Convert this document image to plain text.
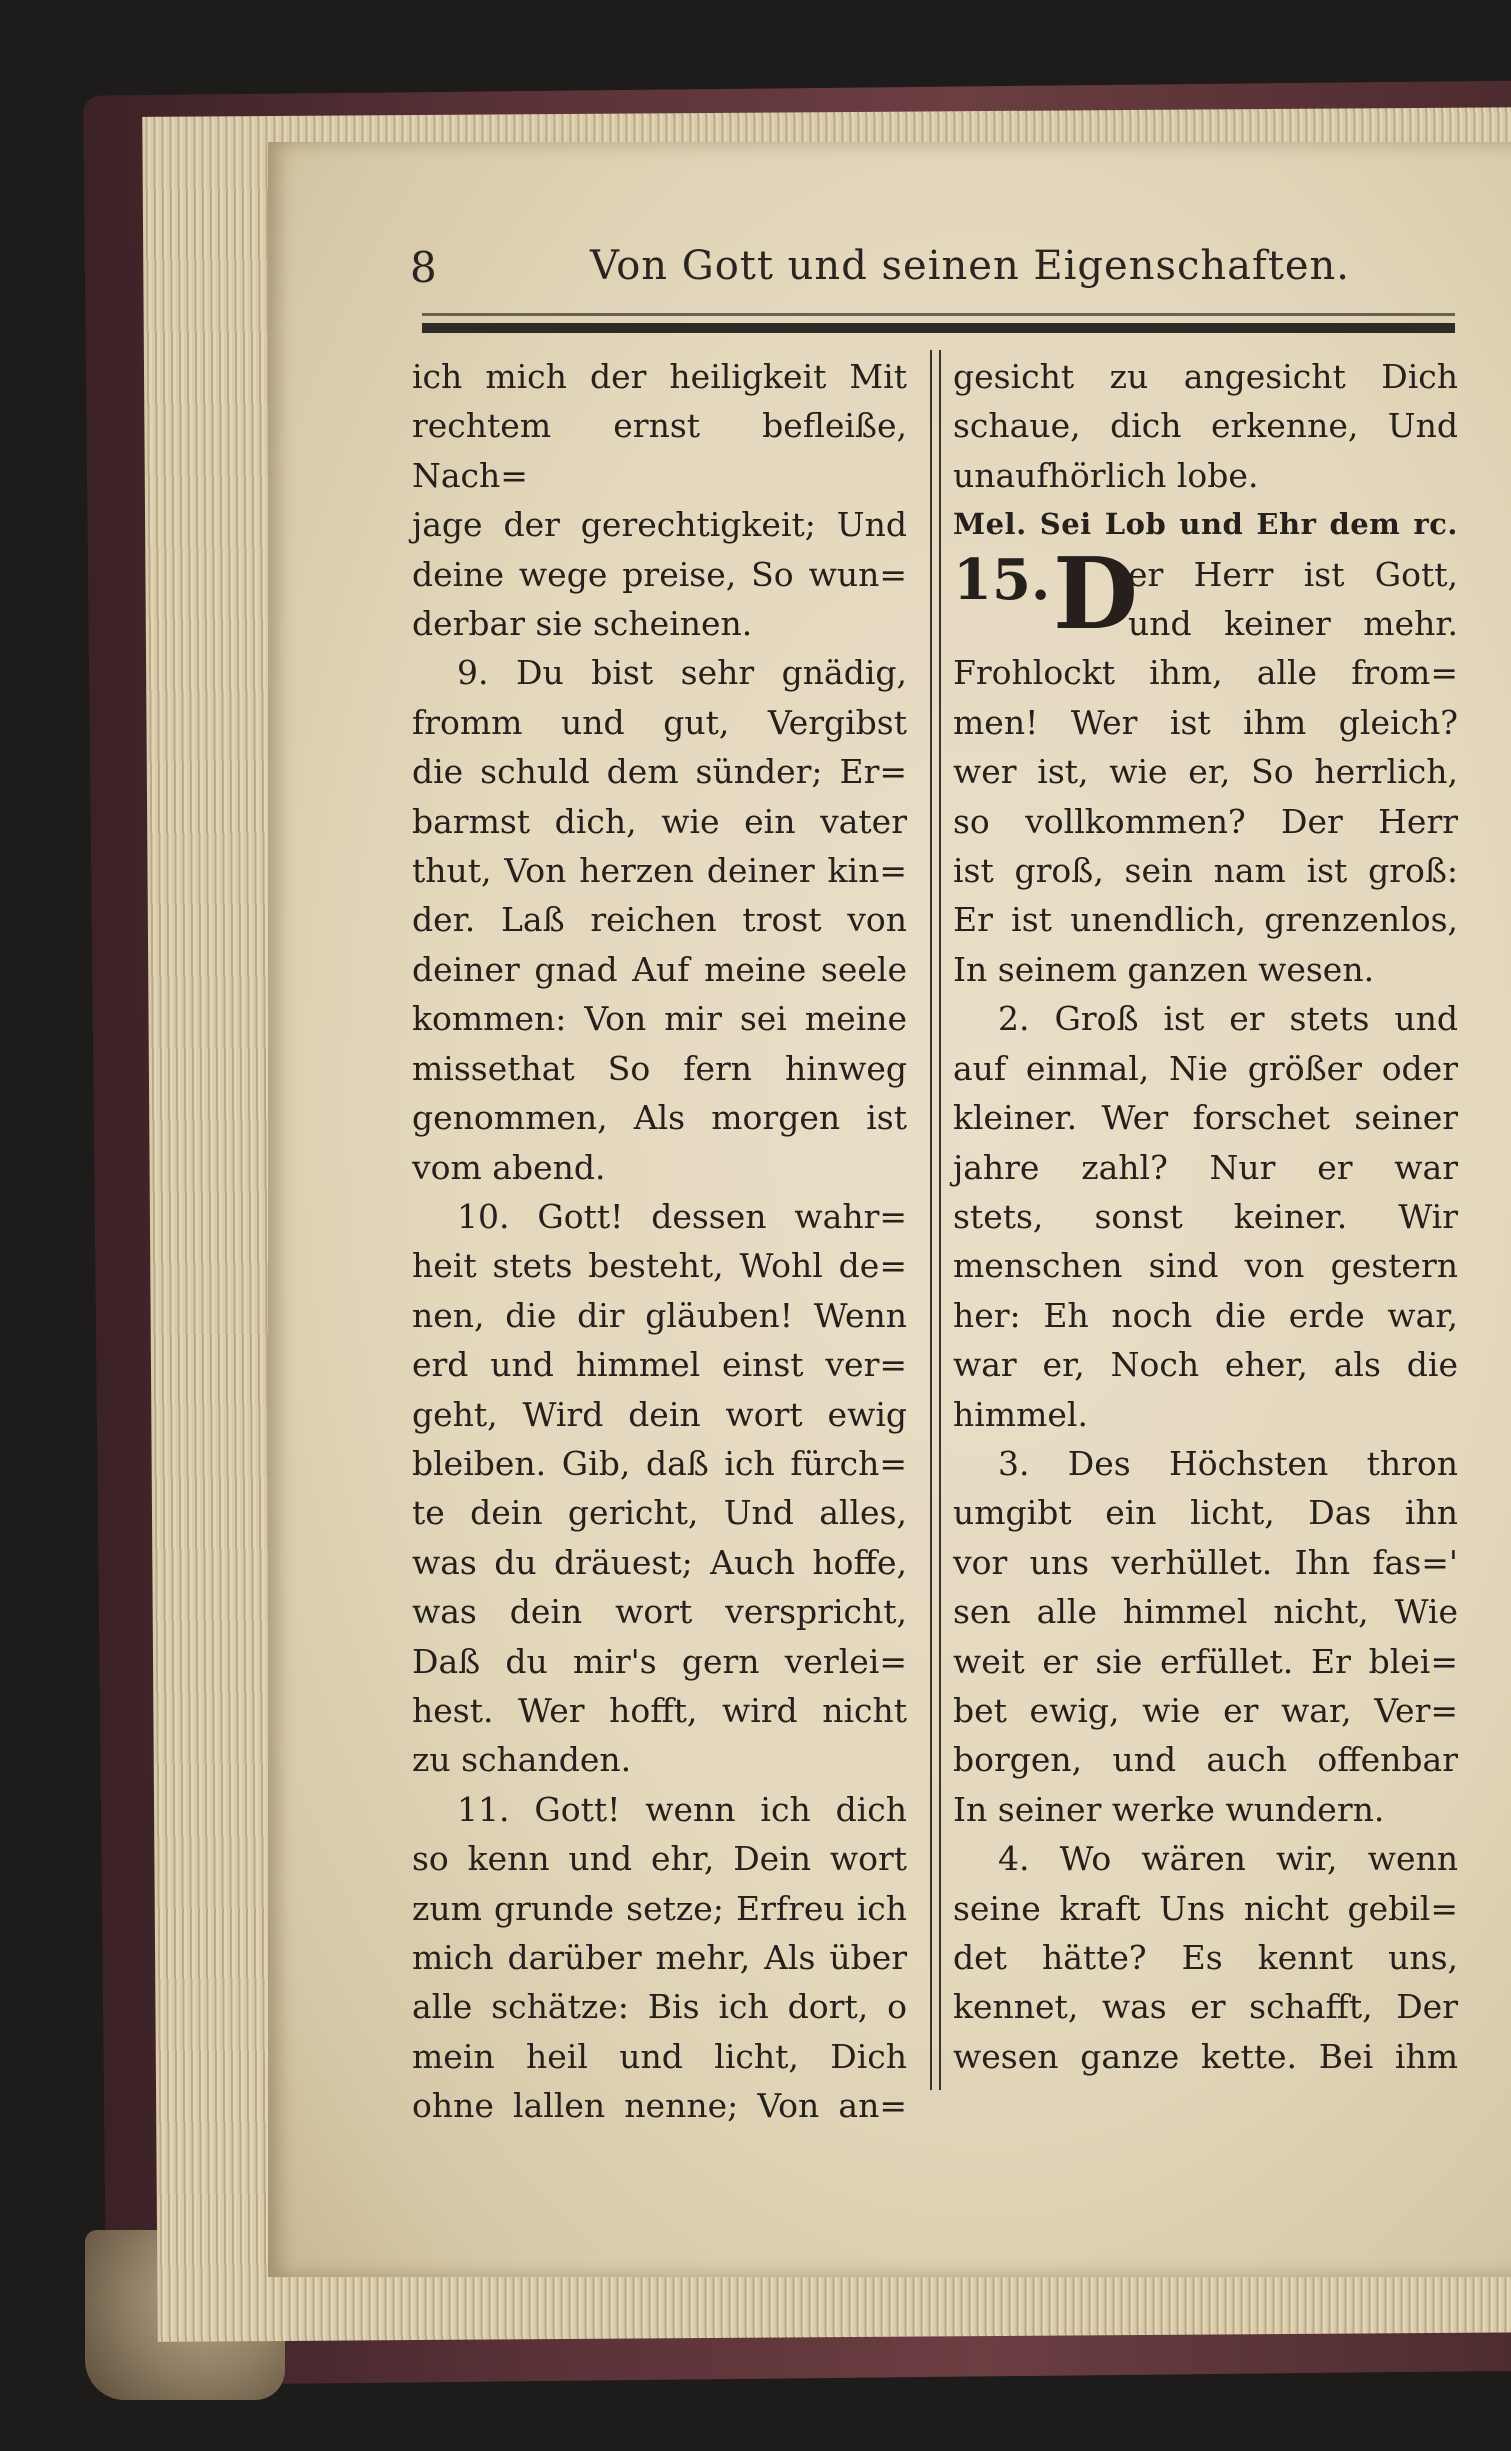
8	Von Gott und seinen Eigenschaften.

ich mich der heiligkeit Mit

rechtem ernst befleiße, Nach=

jage der gerechtigkeit; Und

deine wege preise, So wun=

derbar sie scheinen.

9. Du bist sehr gnädig,

fromm und gut, Vergibst

die schuld dem sünder; Er=

barmst dich, wie ein vater

thut, Von herzen deiner kin=

der. Laß reichen trost von

deiner gnad Auf meine seele

kommen: Von mir sei meine

missethat So fern hinweg

genommen, Als morgen ist

vom abend.

10. Gott! dessen wahr=

heit stets besteht, Wohl de=

nen, die dir gläuben! Wenn

erd und himmel einst ver=

geht, Wird dein wort ewig

bleiben. Gib, daß ich fürch=

te dein gericht, Und alles,

was du dräuest; Auch hoffe,

was dein wort verspricht,

Daß du mir's gern verlei=

hest. Wer hofft, wird nicht

zu schanden.

11. Gott! wenn ich dich

so kenn und ehr, Dein wort

zum grunde setze; Erfreu ich

mich darüber mehr, Als über

alle schätze: Bis ich dort, o

mein heil und licht, Dich

ohne lallen nenne; Von an=

gesicht zu angesicht Dich

schaue, dich erkenne, Und

unaufhörlich lobe.

Mel. Sei Lob und Ehr dem rc.

15. D

er Herr ist Gott,

und keiner mehr.

Frohlockt ihm, alle from=

men! Wer ist ihm gleich?

wer ist, wie er, So herrlich,

so vollkommen? Der Herr

ist groß, sein nam ist groß:

Er ist unendlich, grenzenlos,

In seinem ganzen wesen.

2. Groß ist er stets und

auf einmal, Nie größer oder

kleiner. Wer forschet seiner

jahre zahl? Nur er war

stets, sonst keiner. Wir

menschen sind von gestern

her: Eh noch die erde war,

war er, Noch eher, als die

himmel.

3. Des Höchsten thron

umgibt ein licht, Das ihn

vor uns verhüllet. Ihn fas='

sen alle himmel nicht, Wie

weit er sie erfüllet. Er blei=

bet ewig, wie er war, Ver=

borgen, und auch offenbar

In seiner werke wundern.

4. Wo wären wir, wenn

seine kraft Uns nicht gebil=

det hätte? Es kennt uns,

kennet, was er schafft, Der

wesen ganze kette. Bei ihm
